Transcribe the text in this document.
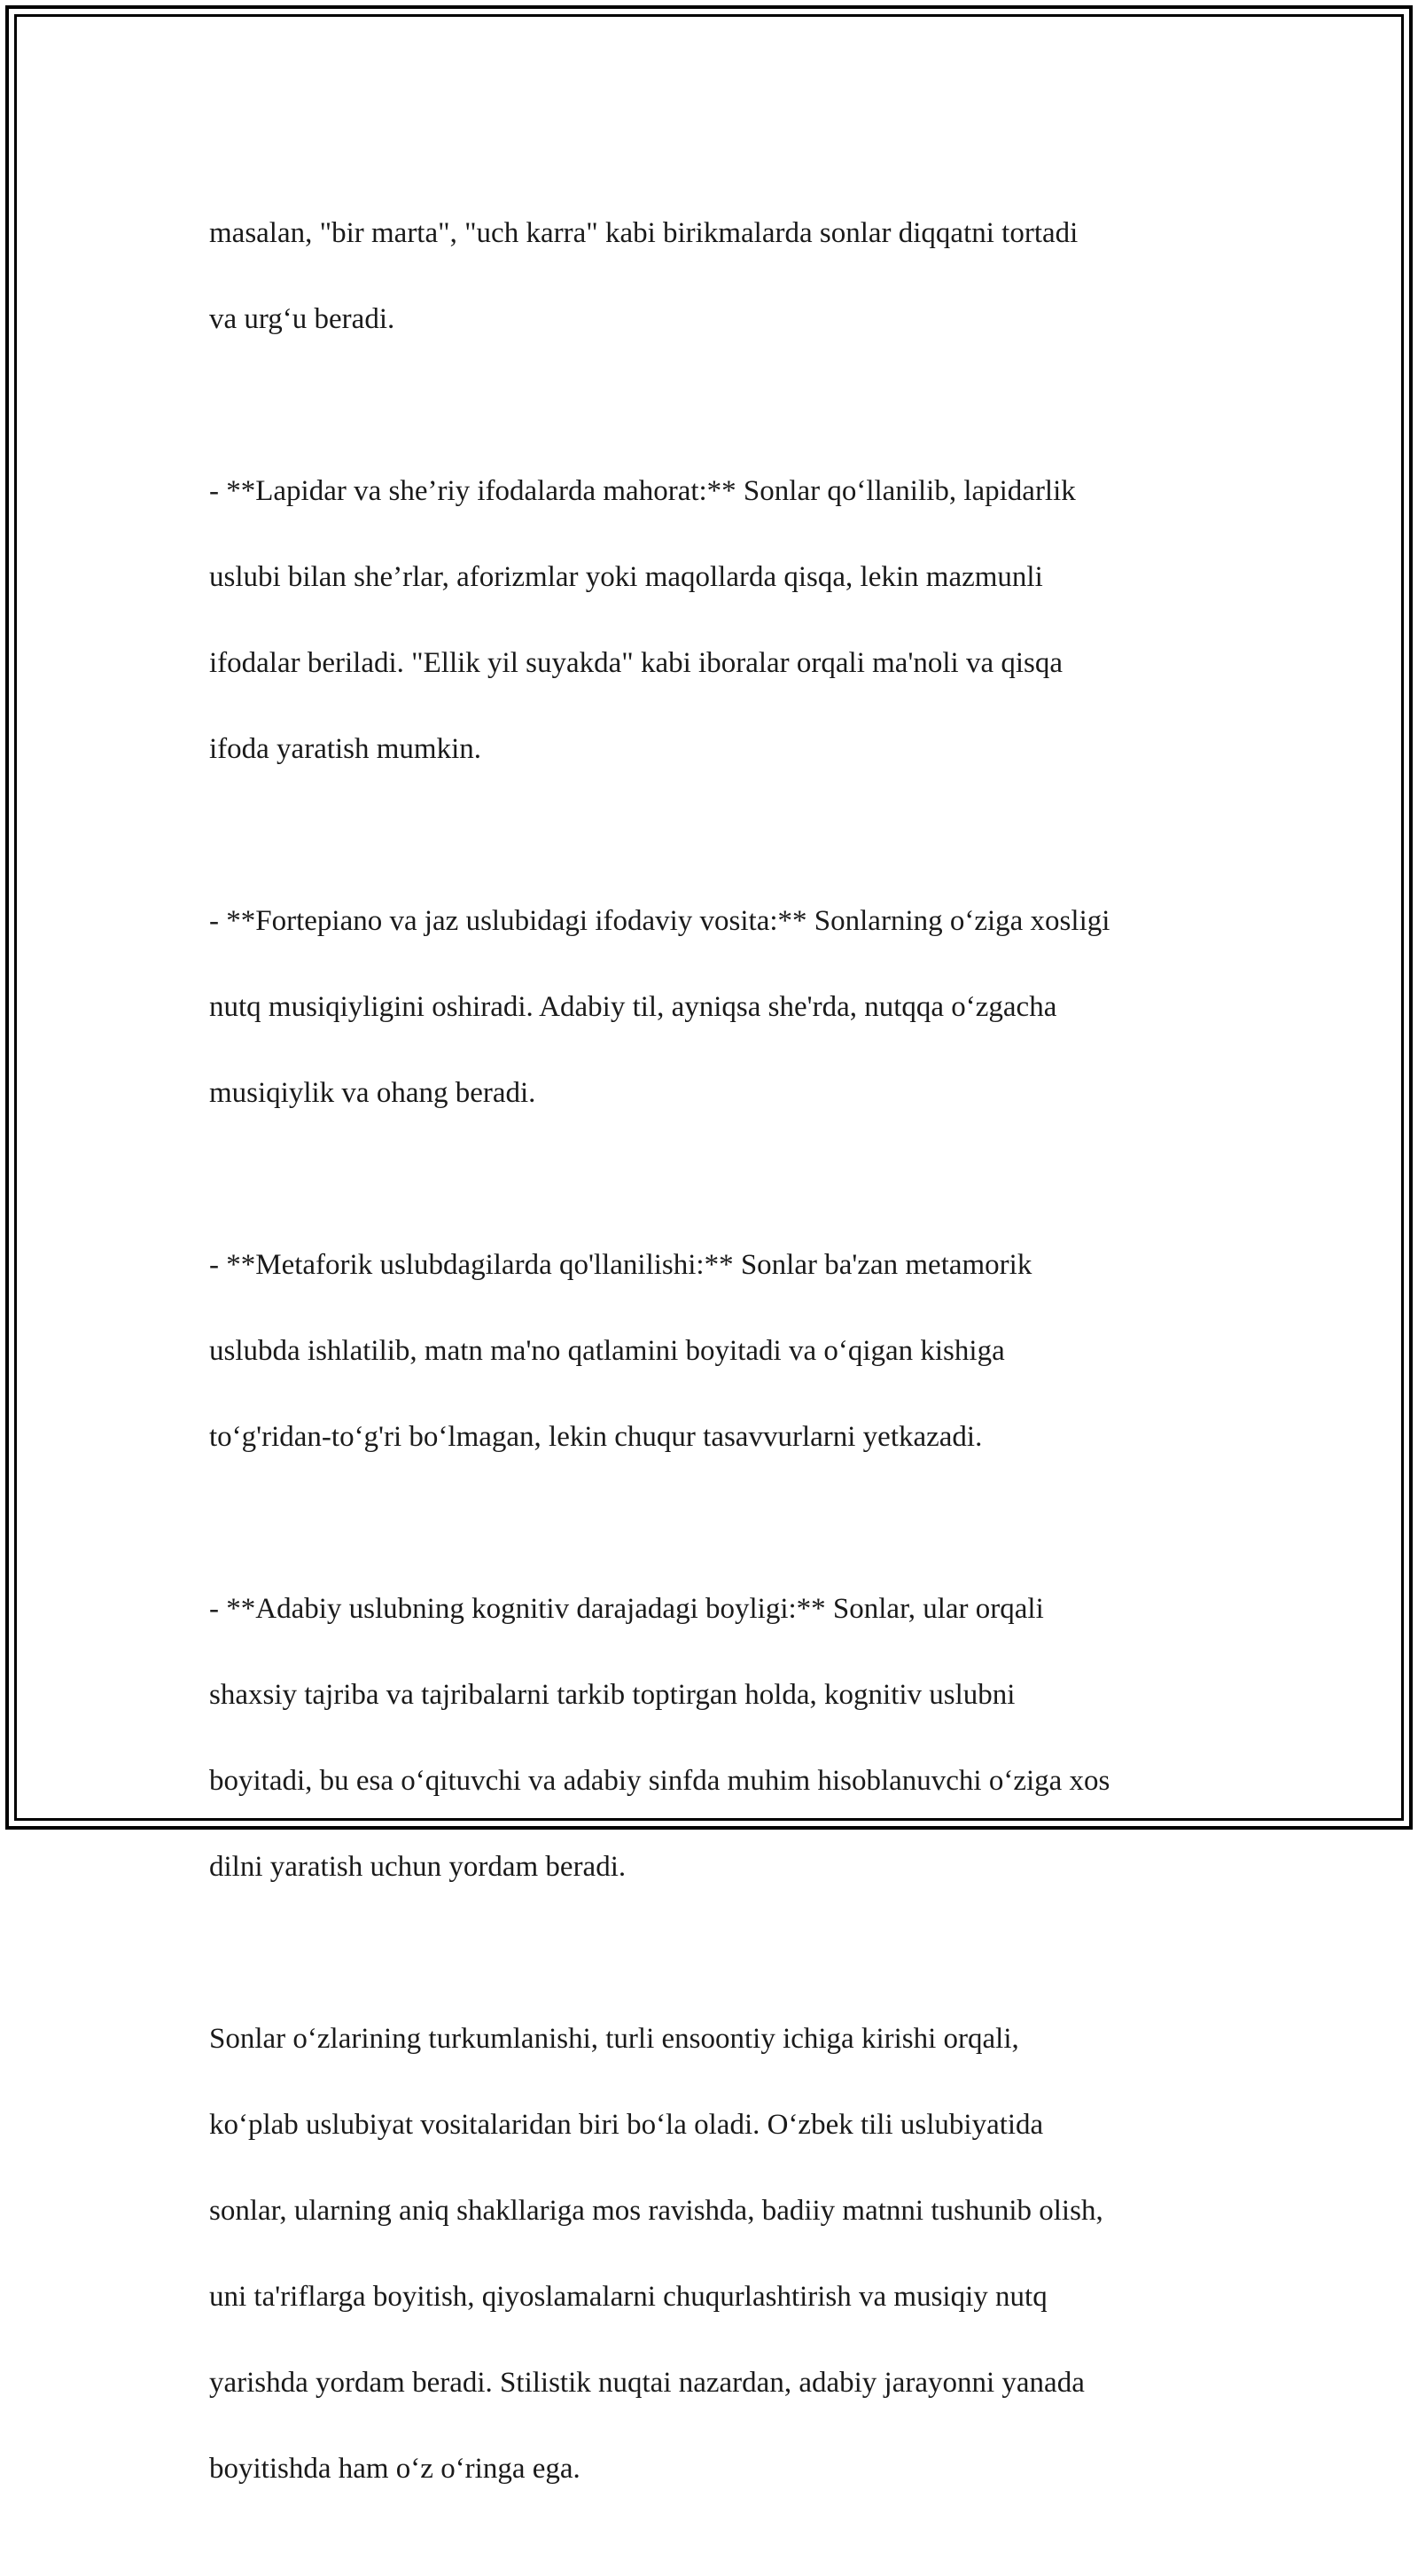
masalan, "bir marta", "uch karra" kabi birikmalarda sonlar diqqatni tortadi

va urg‘u beradi.

- **Lapidar va she’riy ifodalarda mahorat:** Sonlar qo‘llanilib, lapidarlik

uslubi bilan she’rlar, aforizmlar yoki maqollarda qisqa, lekin mazmunli

ifodalar beriladi. "Ellik yil suyakda" kabi iboralar orqali ma'noli va qisqa

ifoda yaratish mumkin.

- **Fortepiano va jaz uslubidagi ifodaviy vosita:** Sonlarning o‘ziga xosligi

nutq musiqiyligini oshiradi. Adabiy til, ayniqsa she'rda, nutqqa o‘zgacha

musiqiylik va ohang beradi.

- **Metaforik uslubdagilarda qo'llanilishi:** Sonlar ba'zan metamorik

uslubda ishlatilib, matn ma'no qatlamini boyitadi va o‘qigan kishiga

to‘g'ridan-to‘g'ri bo‘lmagan, lekin chuqur tasavvurlarni yetkazadi.

- **Adabiy uslubning kognitiv darajadagi boyligi:** Sonlar, ular orqali

shaxsiy tajriba va tajribalarni tarkib toptirgan holda, kognitiv uslubni

boyitadi, bu esa o‘qituvchi va adabiy sinfda muhim hisoblanuvchi o‘ziga xos

dilni yaratish uchun yordam beradi.

Sonlar o‘zlarining turkumlanishi, turli ensoontiy ichiga kirishi orqali,

ko‘plab uslubiyat vositalaridan biri bo‘la oladi. O‘zbek tili uslubiyatida

sonlar, ularning aniq shakllariga mos ravishda, badiiy matnni tushunib olish,

uni ta'riflarga boyitish, qiyoslamalarni chuqurlashtirish va musiqiy nutq

yarishda yordam beradi. Stilistik nuqtai nazardan, adabiy jarayonni yanada

boyitishda ham o‘z o‘ringa ega.
